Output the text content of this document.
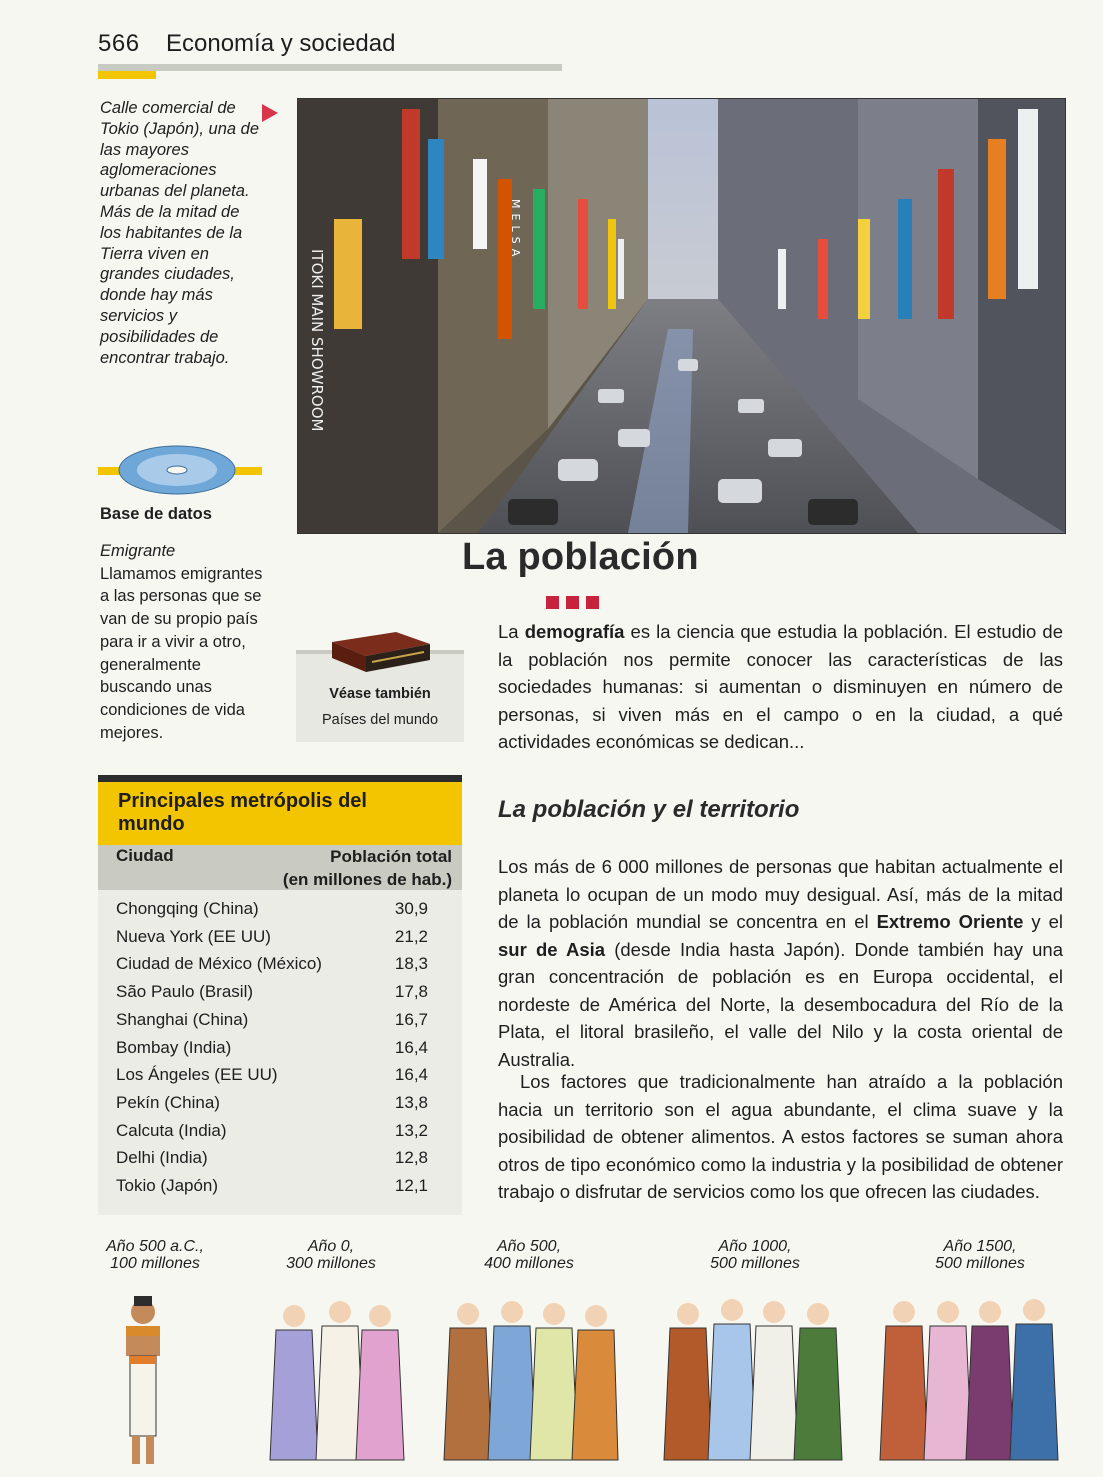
566 Economía y sociedad
Calle comercial de Tokio (Japón), una de las mayores aglomeraciones urbanas del planeta. Más de la mitad de los habitantes de la Tierra viven en grandes ciudades, donde hay más servicios y posibilidades de encontrar trabajo.	ITOKI MAIN SHOWROOM
MELSA
Base de datos
Emigrante
Llamamos emigrantes a las personas que se van de su propio país para ir a vivir a otro, generalmente buscando unas condiciones de vida mejores.
Véase también
Países del mundo
La población
La demografía es la ciencia que estudia la población. El estudio de la población nos permite conocer las características de las sociedades humanas: si aumentan o disminuyen en número de personas, si viven más en el campo o en la ciudad, a qué actividades económicas se dedican...
La población y el territorio
Los más de 6 000 millones de personas que habitan actualmente el planeta lo ocupan de un modo muy desigual. Así, más de la mitad de la población mundial se concentra en el Extremo Oriente y el sur de Asia (desde India hasta Japón). Donde también hay una gran concentración de población es en Europa occidental, el nordeste de América del Norte, la desembocadura del Río de la Plata, el litoral brasileño, el valle del Nilo y la costa oriental de Australia.
Los factores que tradicionalmente han atraído a la población hacia un territorio son el agua abundante, el clima suave y la posibilidad de obtener alimentos. A estos factores se suman ahora otros de tipo económico como la industria y la posibilidad de obtener trabajo o disfrutar de servicios como los que ofrecen las ciudades.
Principales metrópolis del mundo
Ciudad	Población total
(en millones de hab.)
Chongqing (China)	30,9
Nueva York (EE UU)	21,2
Ciudad de México (México)	18,3
São Paulo (Brasil)	17,8
Shanghai (China)	16,7
Bombay (India)	16,4
Los Ángeles (EE UU)	16,4
Pekín (China)	13,8
Calcuta (India)	13,2
Delhi (India)	12,8
Tokio (Japón)	12,1
Año 500 a.C.,
100 millones
Año 0,
300 millones
Año 500,
400 millones
Año 1000,
500 millones
Año 1500,
500 millones
